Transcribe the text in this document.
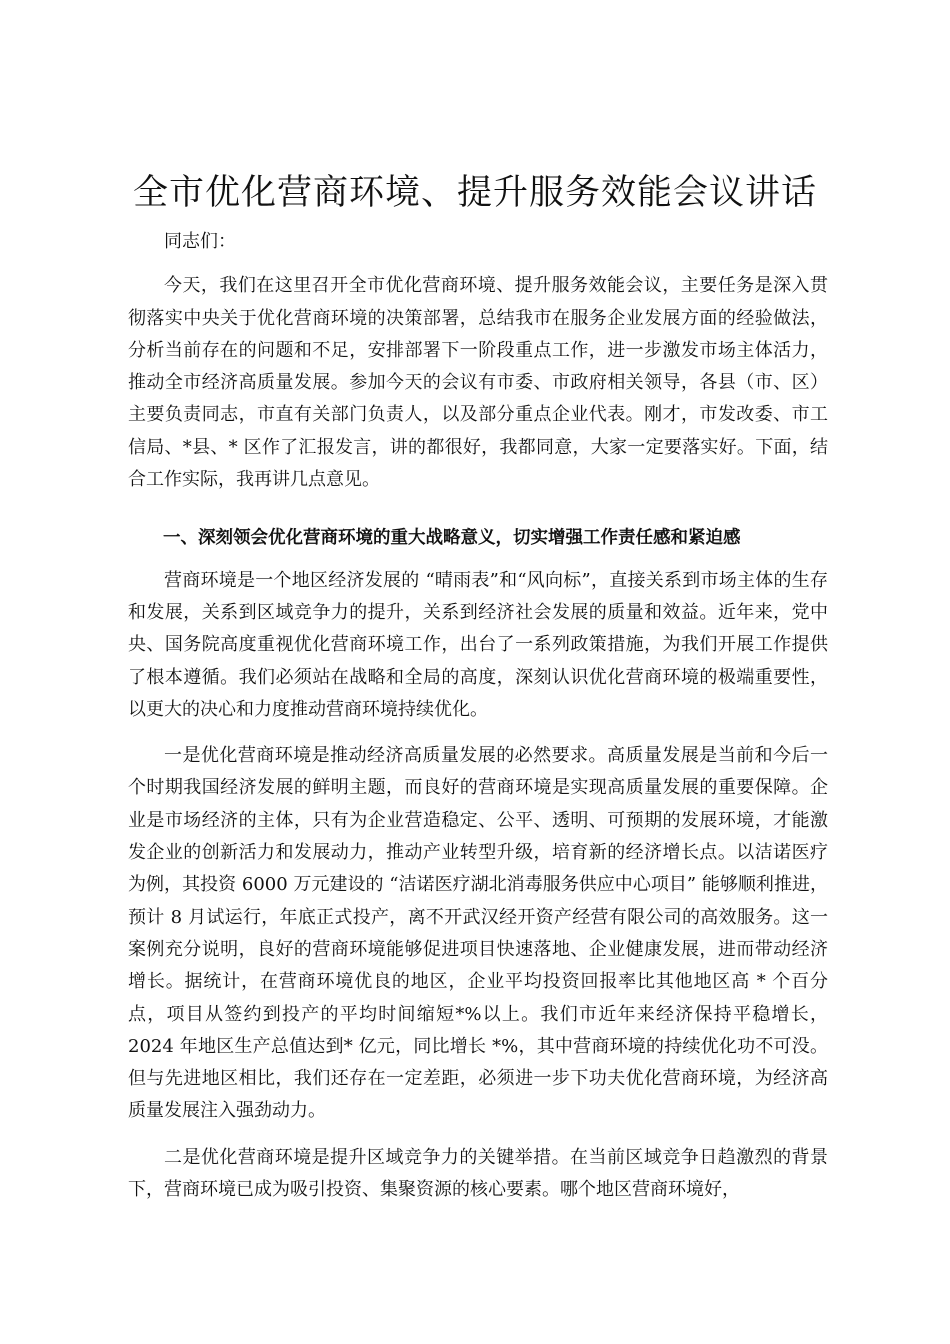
全市优化营商环境、提升服务效能会议讲话

同志们：

今天，我们在这里召开全市优化营商环境、提升服务效能会议，主要任务是深入贯彻落实中央关于优化营商环境的决策部署，总结我市在服务企业发展方面的经验做法，分析当前存在的问题和不足，安排部署下一阶段重点工作，进一步激发市场主体活力，推动全市经济高质量发展。参加今天的会议有市委、市政府相关领导，各县（市、区）主要负责同志，市直有关部门负责人，以及部分重点企业代表。刚才，市发改委、市工信局、*县、* 区作了汇报发言，讲的都很好，我都同意，大家一定要落实好。下面，结合工作实际，我再讲几点意见。

一、深刻领会优化营商环境的重大战略意义，切实增强工作责任感和紧迫感

营商环境是一个地区经济发展的 “晴雨表”和“风向标”，直接关系到市场主体的生存和发展，关系到区域竞争力的提升，关系到经济社会发展的质量和效益。近年来，党中央、国务院高度重视优化营商环境工作，出台了一系列政策措施，为我们开展工作提供了根本遵循。我们必须站在战略和全局的高度，深刻认识优化营商环境的极端重要性，以更大的决心和力度推动营商环境持续优化。

一是优化营商环境是推动经济高质量发展的必然要求。高质量发展是当前和今后一个时期我国经济发展的鲜明主题，而良好的营商环境是实现高质量发展的重要保障。企业是市场经济的主体，只有为企业营造稳定、公平、透明、可预期的发展环境，才能激发企业的创新活力和发展动力，推动产业转型升级，培育新的经济增长点。以洁诺医疗为例，其投资 6000 万元建设的 “洁诺医疗湖北消毒服务供应中心项目” 能够顺利推进，预计 8 月试运行，年底正式投产，离不开武汉经开资产经营有限公司的高效服务。这一案例充分说明，良好的营商环境能够促进项目快速落地、企业健康发展，进而带动经济增长。据统计，在营商环境优良的地区，企业平均投资回报率比其他地区高 * 个百分点，项目从签约到投产的平均时间缩短*%以上。我们市近年来经济保持平稳增长，2024 年地区生产总值达到* 亿元，同比增长 *%，其中营商环境的持续优化功不可没。但与先进地区相比，我们还存在一定差距，必须进一步下功夫优化营商环境，为经济高质量发展注入强劲动力。

二是优化营商环境是提升区域竞争力的关键举措。在当前区域竞争日趋激烈的背景下，营商环境已成为吸引投资、集聚资源的核心要素。哪个地区营商环境好，
